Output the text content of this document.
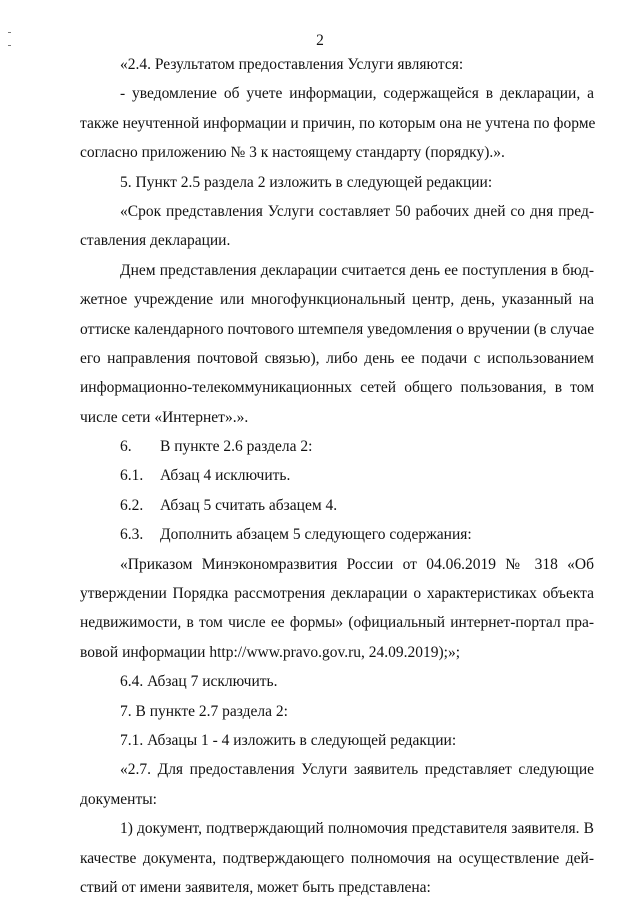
2
«2.4. Результатом предоставления Услуги являются:
- уведомление об учете информации, содержащейся в декларации, а
также неучтенной информации и причин, по которым она не учтена по форме
согласно приложению № 3 к настоящему стандарту (порядку).».
5. Пункт 2.5 раздела 2 изложить в следующей редакции:
«Срок представления Услуги составляет 50 рабочих дней со дня пред-
ставления декларации.
Днем представления декларации считается день ее поступления в бюд-
жетное учреждение или многофункциональный центр, день, указанный на
оттиске календарного почтового штемпеля уведомления о вручении (в случае
его направления почтовой связью), либо день ее подачи с использованием
информационно-телекоммуникационных сетей общего пользования, в том
числе сети «Интернет».».
6. В пункте 2.6 раздела 2:
6.1. Абзац 4 исключить.
6.2. Абзац 5 считать абзацем 4.
6.3. Дополнить абзацем 5 следующего содержания:
«Приказом Минэкономразвития России от 04.06.2019 № 318 «Об
утверждении Порядка рассмотрения декларации о характеристиках объекта
недвижимости, в том числе ее формы» (официальный интернет-портал пра-
вовой информации http://www.pravo.gov.ru, 24.09.2019);»;
6.4. Абзац 7 исключить.
7. В пункте 2.7 раздела 2:
7.1. Абзацы 1 - 4 изложить в следующей редакции:
«2.7. Для предоставления Услуги заявитель представляет следующие
документы:
1) документ, подтверждающий полномочия представителя заявителя. В
качестве документа, подтверждающего полномочия на осуществление дей-
ствий от имени заявителя, может быть представлена:
